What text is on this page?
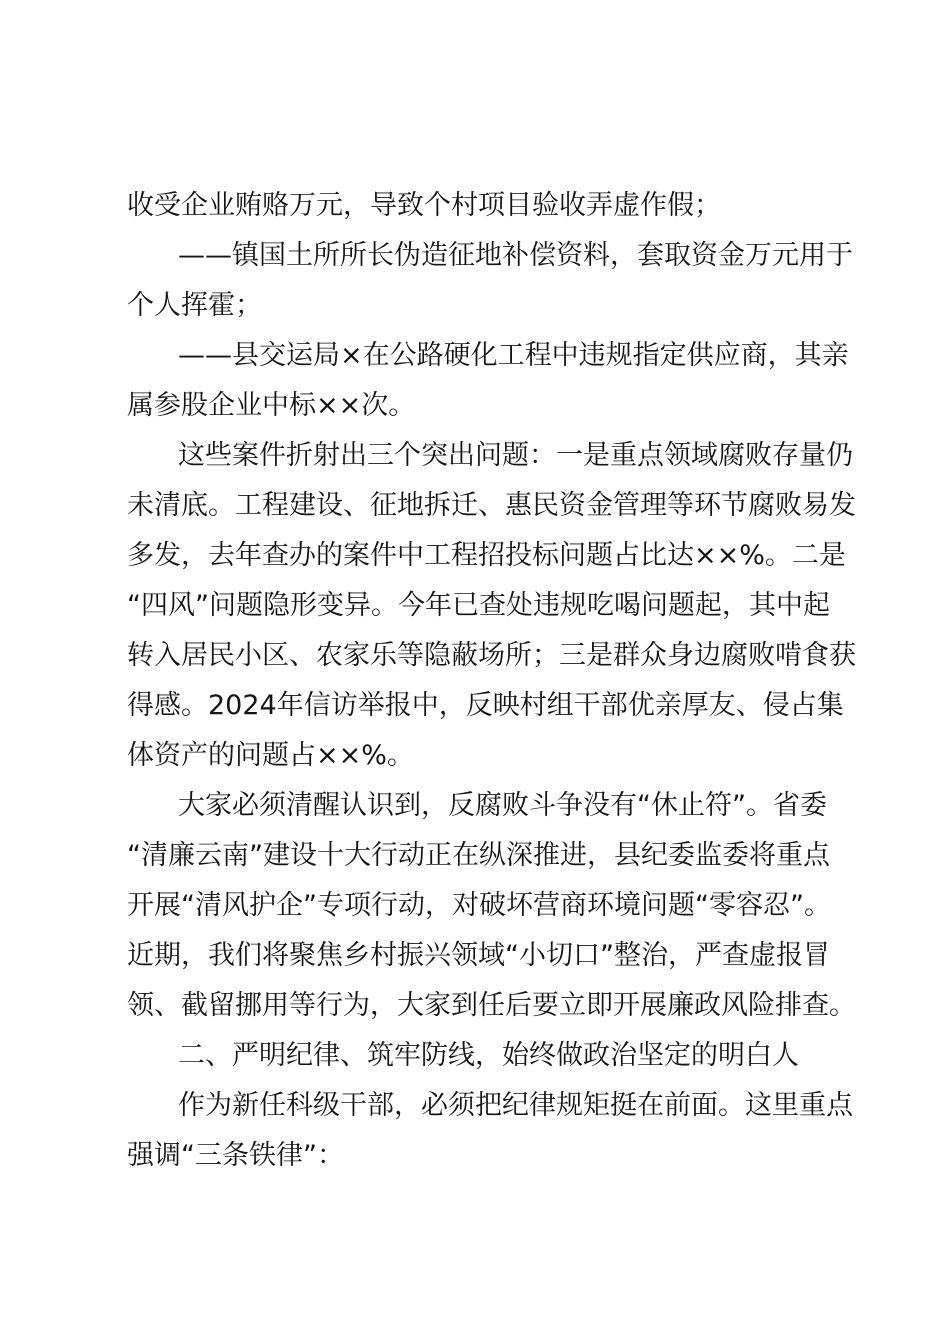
收受企业贿赂万元，导致个村项目验收弄虚作假；

——镇国土所所长伪造征地补偿资料，套取资金万元用于

个人挥霍；

——县交运局×在公路硬化工程中违规指定供应商，其亲

属参股企业中标××次。

这些案件折射出三个突出问题：一是重点领域腐败存量仍

未清底。工程建设、征地拆迁、惠民资金管理等环节腐败易发

多发，去年查办的案件中工程招投标问题占比达××%。二是

“四风”问题隐形变异。今年已查处违规吃喝问题起，其中起

转入居民小区、农家乐等隐蔽场所；三是群众身边腐败啃食获

得感。2024年信访举报中，反映村组干部优亲厚友、侵占集

体资产的问题占××%。

大家必须清醒认识到，反腐败斗争没有“休止符”。省委

“清廉云南”建设十大行动正在纵深推进，县纪委监委将重点

开展“清风护企”专项行动，对破坏营商环境问题“零容忍”。

近期，我们将聚焦乡村振兴领域“小切口”整治，严查虚报冒

领、截留挪用等行为，大家到任后要立即开展廉政风险排查。

二、严明纪律、筑牢防线，始终做政治坚定的明白人

作为新任科级干部，必须把纪律规矩挺在前面。这里重点

强调“三条铁律”：
